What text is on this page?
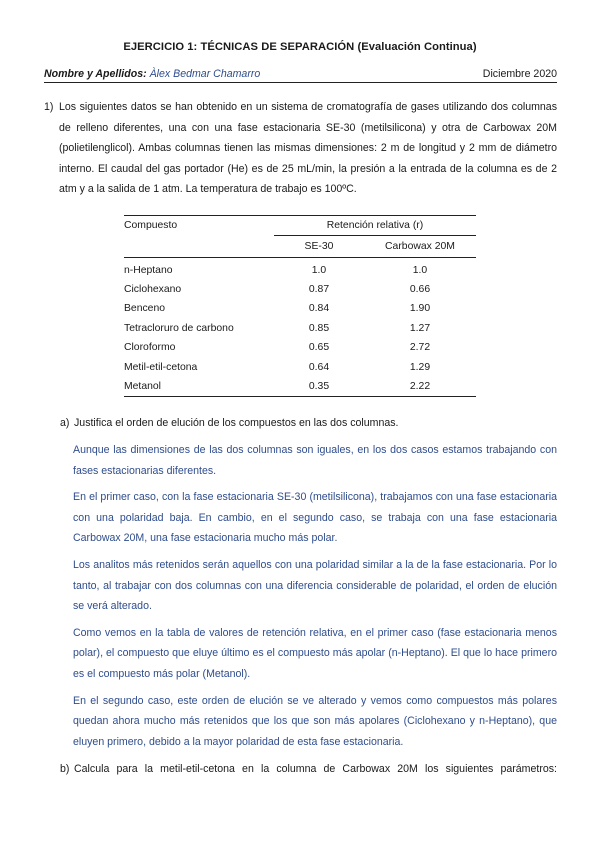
EJERCICIO 1: TÉCNICAS DE SEPARACIÓN (Evaluación Continua)
Nombre y Apellidos: Àlex Bedmar Chamarro	Diciembre 2020
1) Los siguientes datos se han obtenido en un sistema de cromatografía de gases utilizando dos columnas de relleno diferentes, una con una fase estacionaria SE-30 (metilsilicona) y otra de Carbowax 20M (polietilenglicol). Ambas columnas tienen las mismas dimensiones: 2 m de longitud y 2 mm de diámetro interno. El caudal del gas portador (He) es de 25 mL/min, la presión a la entrada de la columna es de 2 atm y a la salida de 1 atm. La temperatura de trabajo es 100ºC.
Compuesto	Retención relativa (r)	
	SE-30	Carbowax 20M
n-Heptano	1.0	1.0
Ciclohexano	0.87	0.66
Benceno	0.84	1.90
Tetracloruro de carbono	0.85	1.27
Cloroformo	0.65	2.72
Metil-etil-cetona	0.64	1.29
Metanol	0.35	2.22
a) Justifica el orden de elución de los compuestos en las dos columnas.

Aunque las dimensiones de las dos columnas son iguales, en los dos casos estamos trabajando con fases estacionarias diferentes.

En el primer caso, con la fase estacionaria SE-30 (metilsilicona), trabajamos con una fase estacionaria con una polaridad baja. En cambio, en el segundo caso, se trabaja con una fase estacionaria Carbowax 20M, una fase estacionaria mucho más polar.

Los analitos más retenidos serán aquellos con una polaridad similar a la de la fase estacionaria. Por lo tanto, al trabajar con dos columnas con una diferencia considerable de polaridad, el orden de elución se verá alterado.

Como vemos en la tabla de valores de retención relativa, en el primer caso (fase estacionaria menos polar), el compuesto que eluye último es el compuesto más apolar (n-Heptano). El que lo hace primero es el compuesto más polar (Metanol).

En el segundo caso, este orden de elución se ve alterado y vemos como compuestos más polares quedan ahora mucho más retenidos que los que son más apolares (Ciclohexano y n-Heptano), que eluyen primero, debido a la mayor polaridad de esta fase estacionaria.

b) Calcula para la metil-etil-cetona en la columna de Carbowax 20M los siguientes parámetros:
